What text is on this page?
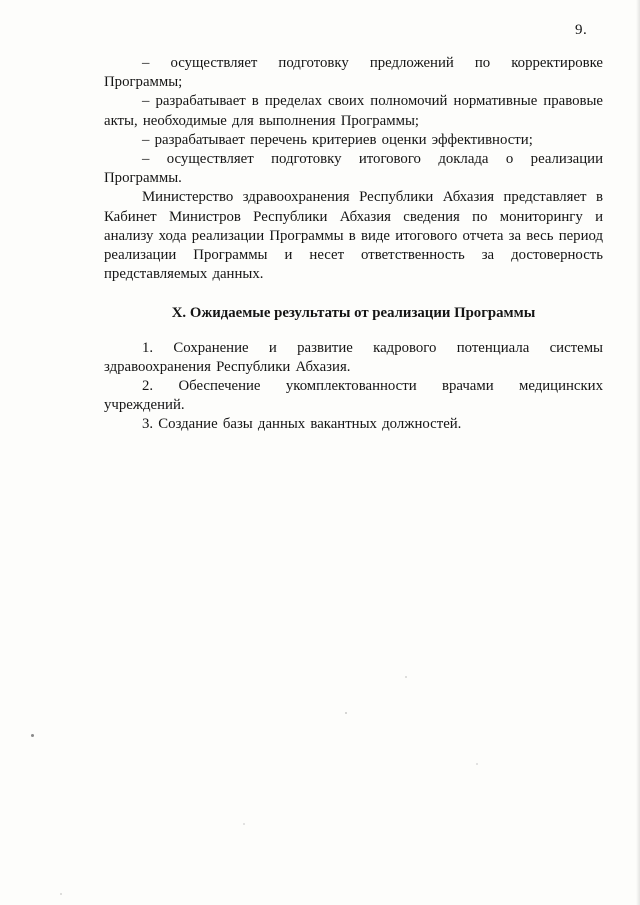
9.

– осуществляет подготовку предложений по корректировке Программы;

– разрабатывает в пределах своих полномочий нормативные правовые акты, необходимые для выполнения Программы;

– разрабатывает перечень критериев оценки эффективности;

– осуществляет подготовку итогового доклада о реализации Программы.

Министерство здравоохранения Республики Абхазия представляет в Кабинет Министров Республики Абхазия сведения по мониторингу и анализу хода реализации Программы в виде итогового отчета за весь период реализации Программы и несет ответственность за достоверность представляемых данных.

X. Ожидаемые результаты от реализации Программы

1. Сохранение и развитие кадрового потенциала системы здравоохранения Республики Абхазия.

2. Обеспечение укомплектованности врачами медицинских учреждений.

3. Создание базы данных вакантных должностей.
